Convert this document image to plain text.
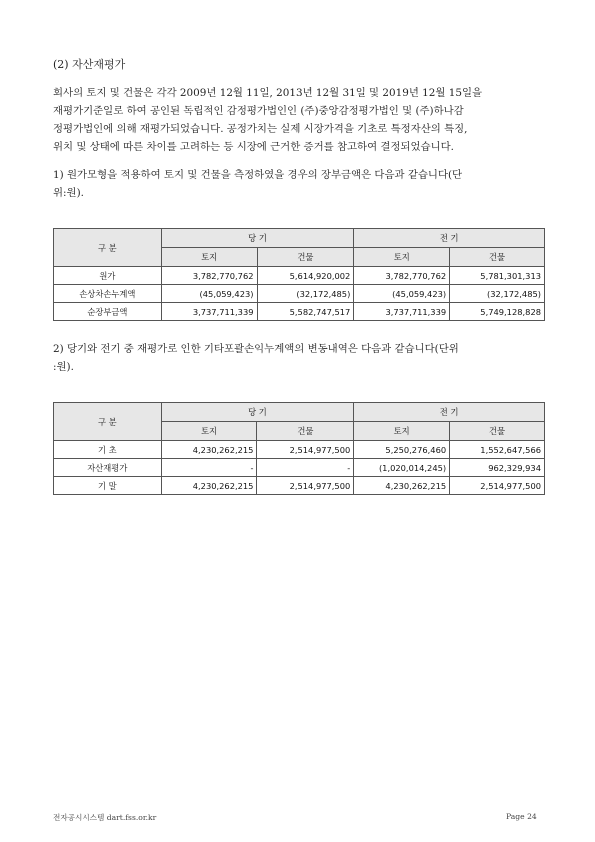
(2) 자산재평가
회사의 토지 및 건물은 각각 2009년 12월 11일, 2013년 12월 31일 및 2019년 12월 15일을
재평가기준일로 하여 공인된 독립적인 감정평가법인인 (주)중앙감정평가법인 및 (주)하나감
정평가법인에 의해 재평가되었습니다. 공정가치는 실제 시장가격을 기초로 특정자산의 특징,
위치 및 상태에 따른 차이를 고려하는 등 시장에 근거한 증거를 참고하여 결정되었습니다.
1) 원가모형을 적용하여 토지 및 건물을 측정하였을 경우의 장부금액은 다음과 같습니다(단
위:원).
구 분	당 기		전 기	
	토지	건물	토지	건물
원가	3,782,770,762	5,614,920,002	3,782,770,762	5,781,301,313
손상차손누계액	(45,059,423)	(32,172,485)	(45,059,423)	(32,172,485)
순장부금액	3,737,711,339	5,582,747,517	3,737,711,339	5,749,128,828
2) 당기와 전기 중 재평가로 인한 기타포괄손익누계액의 변동내역은 다음과 같습니다(단위
:원).
구 분	당 기		전 기	
	토지	건물	토지	건물
기 초	4,230,262,215	2,514,977,500	5,250,276,460	1,552,647,566
자산재평가	-	-	(1,020,014,245)	962,329,934
기 말	4,230,262,215	2,514,977,500	4,230,262,215	2,514,977,500
전자공시시스템 dart.fss.or.kr	Page 24
